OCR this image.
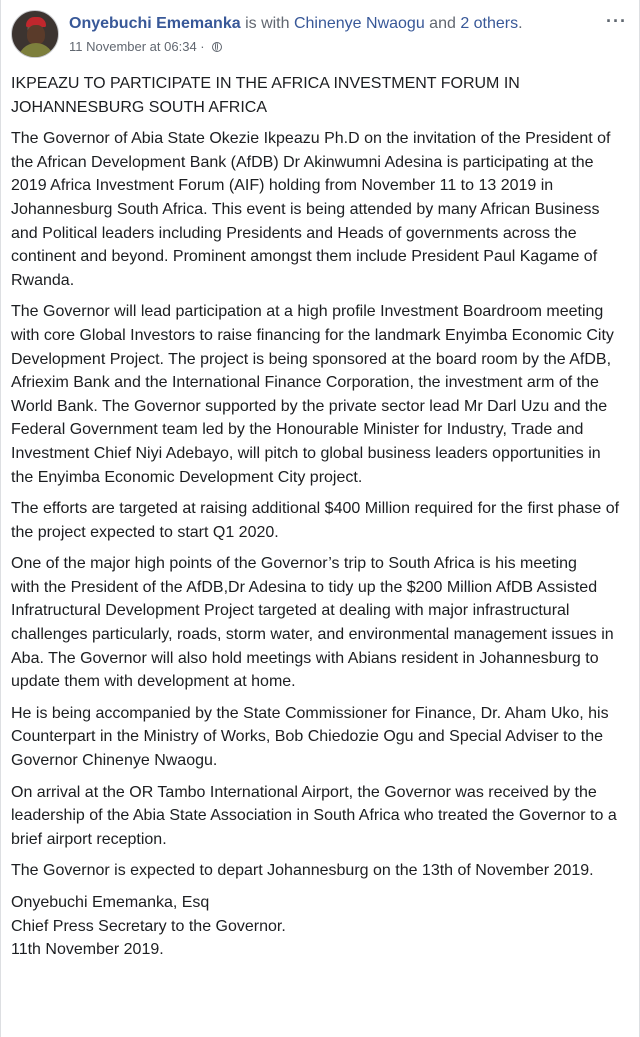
Onyebuchi Ememanka is with Chinenye Nwaogu and 2 others.
11 November at 06:34 ·
···

IKPEAZU TO PARTICIPATE IN THE AFRICA INVESTMENT FORUM IN JOHANNESBURG SOUTH AFRICA

The Governor of Abia State Okezie Ikpeazu Ph.D on the invitation of the President of the African Development Bank (AfDB) Dr Akinwumni Adesina is participating at the 2019 Africa Investment Forum (AIF) holding from November 11 to 13 2019 in Johannesburg South Africa. This event is being attended by many African Business and Political leaders including Presidents and Heads of governments across the continent and beyond. Prominent amongst them include President Paul Kagame of Rwanda.

The Governor will lead participation at a high profile Investment Boardroom meeting with core Global Investors to raise financing for the landmark Enyimba Economic City Development Project. The project is being sponsored at the board room by the AfDB, Afriexim Bank and the International Finance Corporation, the investment arm of the World Bank. The Governor supported by the private sector lead Mr Darl Uzu and the Federal Government team led by the Honourable Minister for Industry, Trade and Investment Chief Niyi Adebayo, will pitch to global business leaders opportunities in the Enyimba Economic Development City project.

The efforts are targeted at raising additional $400 Million required for the first phase of the project expected to start Q1 2020.

One of the major high points of the Governor’s trip to South Africa is his meeting
with the President of the AfDB,Dr Adesina to tidy up the $200 Million AfDB Assisted Infratructural Development Project targeted at dealing with major infrastructural challenges particularly, roads, storm water, and environmental management issues in Aba. The Governor will also hold meetings with Abians resident in Johannesburg to update them with development at home.

He is being accompanied by the State Commissioner for Finance, Dr. Aham Uko, his Counterpart in the Ministry of Works, Bob Chiedozie Ogu and Special Adviser to the Governor Chinenye Nwaogu.

On arrival at the OR Tambo International Airport, the Governor was received by the leadership of the Abia State Association in South Africa who treated the Governor to a brief airport reception.

The Governor is expected to depart Johannesburg on the 13th of November 2019.

Onyebuchi Ememanka, Esq
Chief Press Secretary to the Governor.
11th November 2019.
